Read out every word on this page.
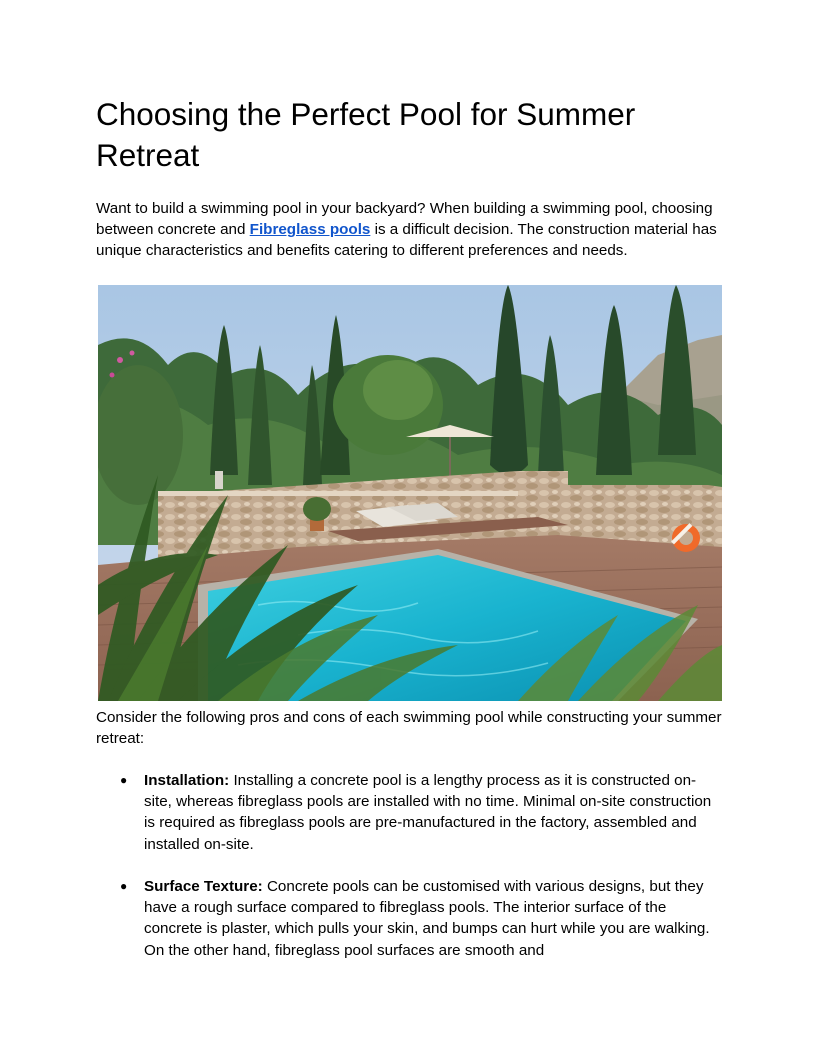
Choosing the Perfect Pool for Summer Retreat

Want to build a swimming pool in your backyard? When building a swimming pool, choosing between concrete and Fibreglass pools is a difficult decision. The construction material has unique characteristics and benefits catering to different preferences and needs.

Consider the following pros and cons of each swimming pool while constructing your summer retreat:

● Installation: Installing a concrete pool is a lengthy process as it is constructed on-site, whereas fibreglass pools are installed with no time. Minimal on-site construction is required as fibreglass pools are pre-manufactured in the factory, assembled and installed on-site.
● Surface Texture: Concrete pools can be customised with various designs, but they have a rough surface compared to fibreglass pools. The interior surface of the concrete is plaster, which pulls your skin, and bumps can hurt while you are walking. On the other hand, fibreglass pool surfaces are smooth and
